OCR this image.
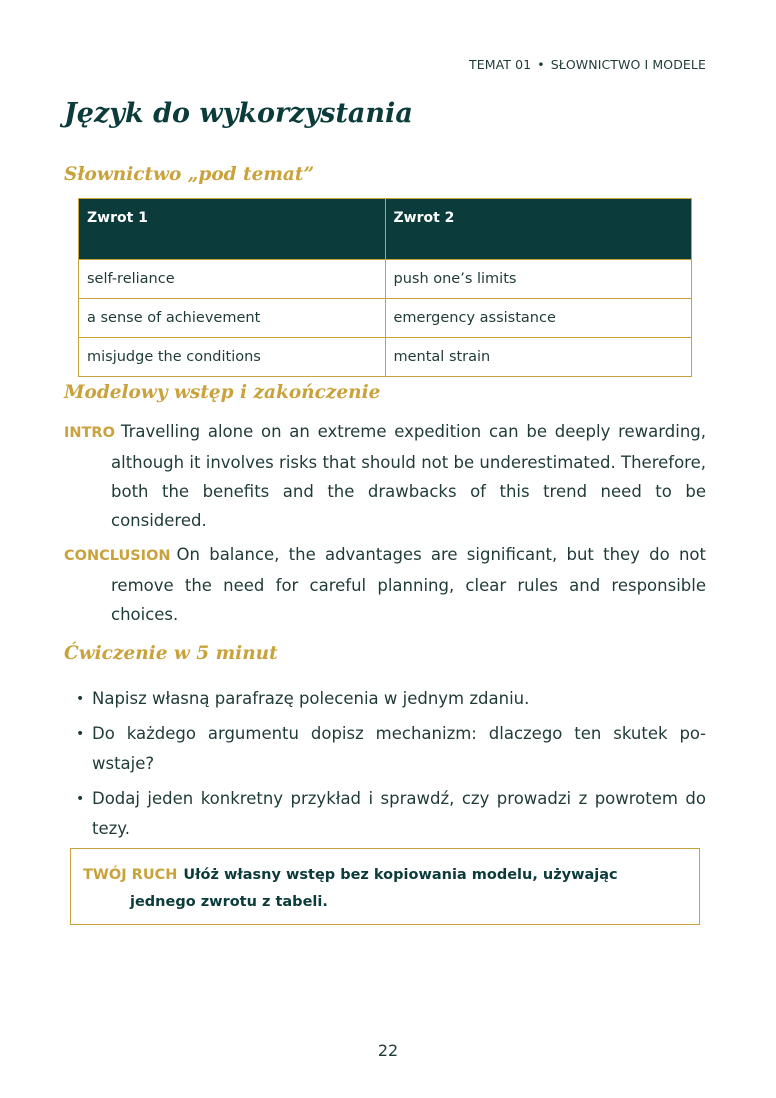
TEMAT 01 • SŁOWNICTWO I MODELE
Język do wykorzystania
Słownictwo „pod temat”
Zwrot 1	Zwrot 2
self-reliance	push one’s limits
a sense of achievement	emergency assistance
misjudge the conditions	mental strain
Modelowy wstęp i zakończenie

INTRO Travelling alone on an extreme expedition can be deeply rewarding, although it involves risks that should not be underestimated. Therefore, both the benefits and the drawbacks of this trend need to be considered.

CONCLUSION On balance, the advantages are significant, but they do not remove the need for careful planning, clear rules and responsible choices.

Ćwiczenie w 5 minut
• Napisz własną parafrazę polecenia w jednym zdaniu.
• Do każdego argumentu dopisz mechanizm: dlaczego ten skutek powstaje?
• Dodaj jeden konkretny przykład i sprawdź, czy prowadzi z powrotem do tezy.

TWÓJ RUCH Ułóż własny wstęp bez kopiowania modelu, używając jednego zwrotu z tabeli.

22
